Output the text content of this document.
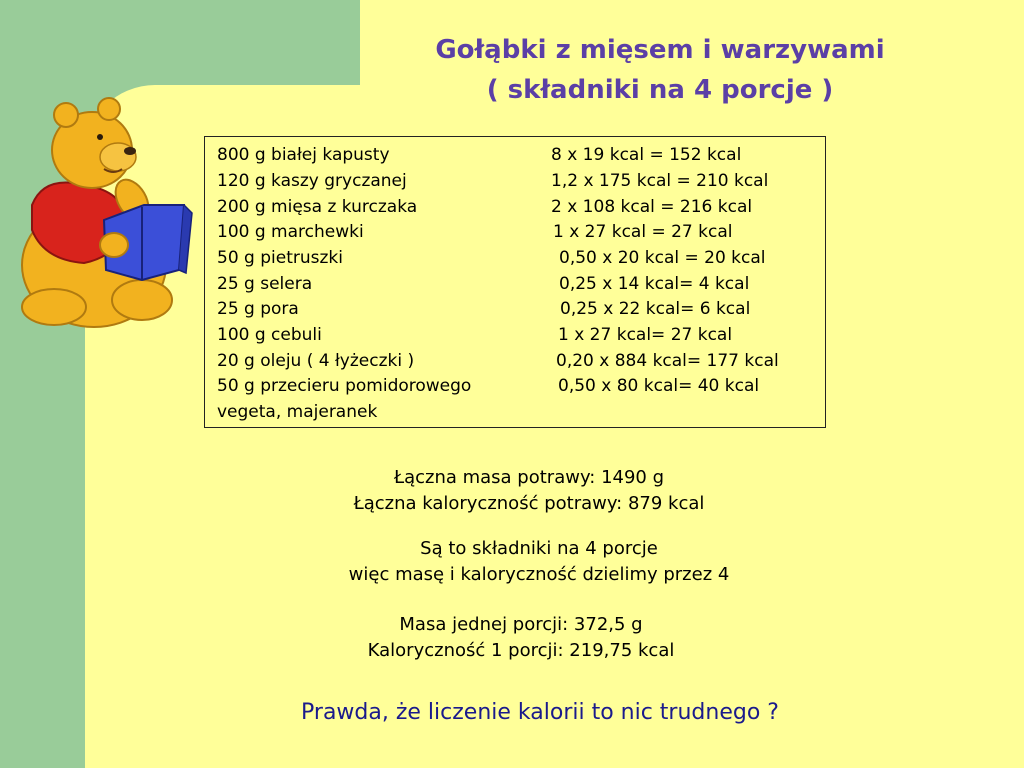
Gołąbki z mięsem i warzywami
( składniki na 4 porcje )
800 g białej kapusty	8 x 19 kcal = 152 kcal
120 g kaszy gryczanej	1,2 x 175 kcal = 210 kcal
200 g mięsa z kurczaka	2 x 108 kcal = 216 kcal
100 g marchewki	1 x 27 kcal = 27 kcal
50 g pietruszki	0,50 x 20 kcal = 20 kcal
25 g selera	0,25 x 14 kcal= 4 kcal
25 g pora	0,25 x 22 kcal= 6 kcal
100 g cebuli	1 x 27 kcal= 27 kcal
20 g oleju ( 4 łyżeczki )	0,20 x 884 kcal= 177 kcal
50 g przecieru pomidorowego	0,50 x 80 kcal= 40 kcal
vegeta, majeranek
Łączna masa potrawy: 1490 g
Łączna kaloryczność potrawy: 879 kcal
Są to składniki na 4 porcje
więc masę i kaloryczność dzielimy przez 4
Masa jednej porcji: 372,5 g
Kaloryczność 1 porcji: 219,75 kcal
Prawda, że liczenie kalorii to nic trudnego ?
